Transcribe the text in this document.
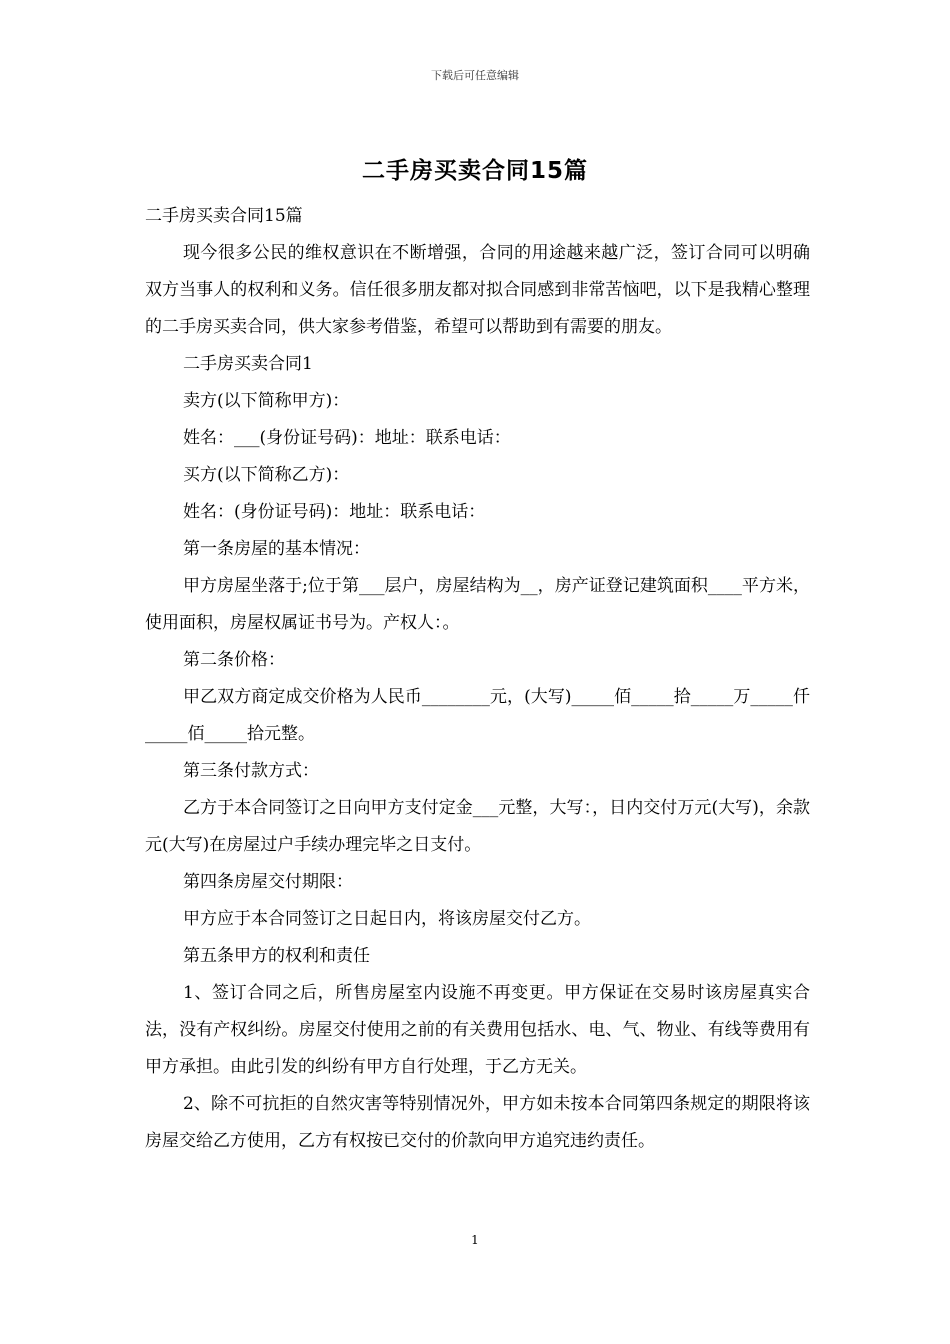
下载后可任意编辑
二手房买卖合同15篇

二手房买卖合同15篇

现今很多公民的维权意识在不断增强，合同的用途越来越广泛，签订合同可以明确双方当事人的权利和义务。信任很多朋友都对拟合同感到非常苦恼吧，以下是我精心整理的二手房买卖合同，供大家参考借鉴，希望可以帮助到有需要的朋友。

二手房买卖合同1

卖方(以下简称甲方)：

姓名：___(身份证号码)：地址：联系电话：

买方(以下简称乙方)：

姓名：(身份证号码)：地址：联系电话：

第一条房屋的基本情况：

甲方房屋坐落于;位于第___层户，房屋结构为__，房产证登记建筑面积____平方米，使用面积，房屋权属证书号为。产权人：。

第二条价格：

甲乙双方商定成交价格为人民币________元，(大写)_____佰_____拾_____万_____仟_____佰_____拾元整。

第三条付款方式：

乙方于本合同签订之日向甲方支付定金___元整，大写：，日内交付万元(大写)，余款元(大写)在房屋过户手续办理完毕之日支付。

第四条房屋交付期限：

甲方应于本合同签订之日起日内，将该房屋交付乙方。

第五条甲方的权利和责任

1、签订合同之后，所售房屋室内设施不再变更。甲方保证在交易时该房屋真实合法，没有产权纠纷。房屋交付使用之前的有关费用包括水、电、气、物业、有线等费用有甲方承担。由此引发的纠纷有甲方自行处理，于乙方无关。

2、除不可抗拒的自然灾害等特别情况外，甲方如未按本合同第四条规定的期限将该房屋交给乙方使用，乙方有权按已交付的价款向甲方追究违约责任。

1
